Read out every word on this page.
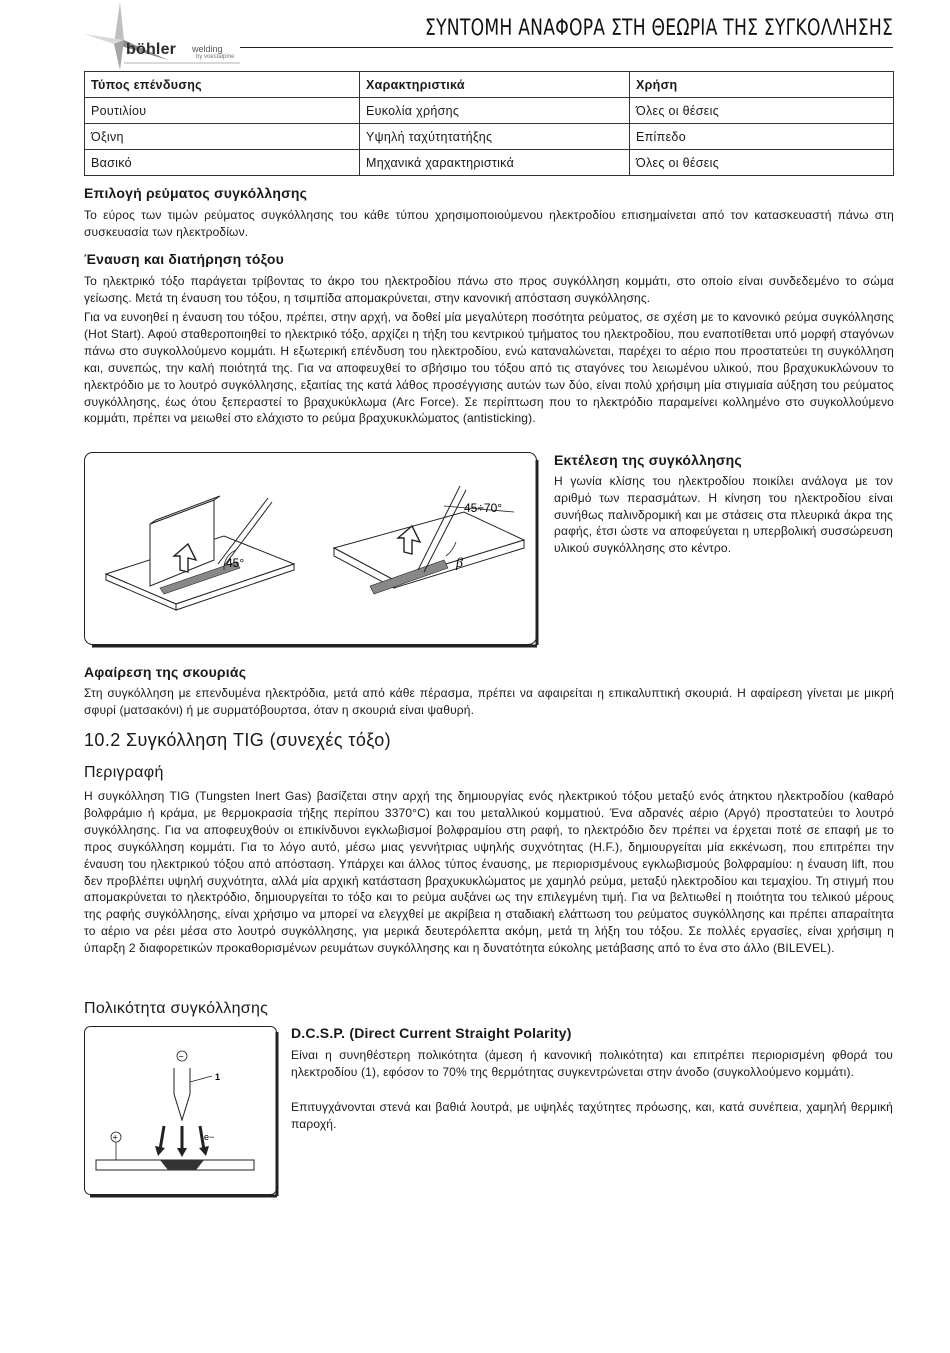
böhler welding
by voestalpine
ΣΥΝΤΟΜΗ ΑΝΑΦΟΡΑ ΣΤΗ ΘΕΩΡΙΑ ΤΗΣ ΣΥΓΚΟΛΛΗΣΗΣ
Τύπος επένδυσης	Χαρακτηριστικά	Χρήση
Ρουτιλίου	Ευκολία χρήσης	Όλες οι θέσεις
Όξινη	Υψηλή ταχύτητατήξης	Επίπεδο
Βασικό	Μηχανικά χαρακτηριστικά	Όλες οι θέσεις
Επιλογή ρεύματος συγκόλλησης

Το εύρος των τιμών ρεύματος συγκόλλησης του κάθε τύπου χρησιμοποιούμενου ηλεκτροδίου επισημαίνεται από τον κατασκευαστή πάνω στη συσκευασία των ηλεκτροδίων.

Έναυση και διατήρηση τόξου

Το ηλεκτρικό τόξο παράγεται τρίβοντας το άκρο του ηλεκτροδίου πάνω στο προς συγκόλληση κομμάτι, στο οποίο είναι συνδεδεμένο το σώμα γείωσης. Μετά τη έναυση του τόξου, η τσιμπίδα απομακρύνεται, στην κανονική απόσταση συγκόλλησης.

Για να ευνοηθεί η έναυση του τόξου, πρέπει, στην αρχή, να δοθεί μία μεγαλύτερη ποσότητα ρεύματος, σε σχέση με το κανονικό ρεύμα συγκόλλησης (Hot Start). Αφού σταθεροποιηθεί το ηλεκτρικό τόξο, αρχίζει η τήξη του κεντρικού τμήματος του ηλεκτροδίου, που εναποτίθεται υπό μορφή σταγόνων πάνω στο συγκολλούμενο κομμάτι. Η εξωτερική επένδυση του ηλεκτροδίου, ενώ καταναλώνεται, παρέχει το αέριο που προστατεύει τη συγκόλληση και, συνεπώς, την καλή ποιότητά της. Για να αποφευχθεί το σβήσιμο του τόξου από τις σταγόνες του λειωμένου υλικού, που βραχυκυκλώνουν το ηλεκτρόδιο με το λουτρό συγκόλλησης, εξαιτίας της κατά λάθος προσέγγισης αυτών των δύο, είναι πολύ χρήσιμη μία στιγμιαία αύξηση του ρεύματος συγκόλλησης, έως ότου ξεπεραστεί το βραχυκύκλωμα (Arc Force). Σε περίπτωση που το ηλεκτρόδιο παραμείνει κολλημένο στο συγκολλούμενο κομμάτι, πρέπει να μειωθεί στο ελάχιστο το ρεύμα βραχυκυκλώματος (antisticking).

45°
45÷70°
β
Εκτέλεση της συγκόλλησης

Η γωνία κλίσης του ηλεκτροδίου ποικίλει ανάλογα με τον αριθμό των περασμάτων. Η κίνηση του ηλεκτροδίου είναι συνήθως παλινδρομική και με στάσεις στα πλευρικά άκρα της ραφής, έτσι ώστε να αποφεύγεται η υπερβολική συσσώρευση υλικού συγκόλλησης στο κέντρο.

Αφαίρεση της σκουριάς

Στη συγκόλληση με επενδυμένα ηλεκτρόδια, μετά από κάθε πέρασμα, πρέπει να αφαιρείται η επικαλυπτική σκουριά. Η αφαίρεση γίνεται με μικρή σφυρί (ματσακόνι) ή με συρματόβουρτσα, όταν η σκουριά είναι ψαθυρή.

10.2 Συγκόλληση TIG (συνεχές τόξο)
Περιγραφή

Η συγκόλληση TIG (Tungsten Inert Gas) βασίζεται στην αρχή της δημιουργίας ενός ηλεκτρικού τόξου μεταξύ ενός άτηκτου ηλεκτροδίου (καθαρό βολφράμιο ή κράμα, με θερμοκρασία τήξης περίπου 3370°C) και του μεταλλικού κομματιού. Ένα αδρανές αέριο (Αργό) προστατεύει το λουτρό συγκόλλησης. Για να αποφευχθούν οι επικίνδυνοι εγκλωβισμοί βολφραμίου στη ραφή, το ηλεκτρόδιο δεν πρέπει να έρχεται ποτέ σε επαφή με το προς συγκόλληση κομμάτι. Για το λόγο αυτό, μέσω μιας γεννήτριας υψηλής συχνότητας (H.F.), δημιουργείται μία εκκένωση, που επιτρέπει την έναυση του ηλεκτρικού τόξου από απόσταση. Υπάρχει και άλλος τύπος έναυσης, με περιορισμένους εγκλωβισμούς βολφραμίου: η έναυση lift, που δεν προβλέπει υψηλή συχνότητα, αλλά μία αρχική κατάσταση βραχυκυκλώματος με χαμηλό ρεύμα, μεταξύ ηλεκτροδίου και τεμαχίου. Τη στιγμή που απομακρύνεται το ηλεκτρόδιο, δημιουργείται το τόξο και το ρεύμα αυξάνει ως την επιλεγμένη τιμή. Για να βελτιωθεί η ποιότητα του τελικού μέρους της ραφής συγκόλλησης, είναι χρήσιμο να μπορεί να ελεγχθεί με ακρίβεια η σταδιακή ελάττωση του ρεύματος συγκόλλησης και πρέπει απαραίτητα το αέριο να ρέει μέσα στο λουτρό συγκόλλησης, για μερικά δευτερόλεπτα ακόμη, μετά τη λήξη του τόξου. Σε πολλές εργασίες, είναι χρήσιμη η ύπαρξη 2 διαφορετικών προκαθορισμένων ρευμάτων συγκόλλησης και η δυνατότητα εύκολης μετάβασης από το ένα στο άλλο (BILEVEL).

Πολικότητα συγκόλλησης
−
1
e−
+
D.C.S.P. (Direct Current Straight Polarity)

Είναι η συνηθέστερη πολικότητα (άμεση ή κανονική πολικότητα) και επιτρέπει περιορισμένη φθορά του ηλεκτροδίου (1), εφόσον το 70% της θερμότητας συγκεντρώνεται στην άνοδο (συγκολλούμενο κομμάτι).

Επιτυγχάνονται στενά και βαθιά λουτρά, με υψηλές ταχύτητες πρόωσης, και, κατά συνέπεια, χαμηλή θερμική παροχή.
